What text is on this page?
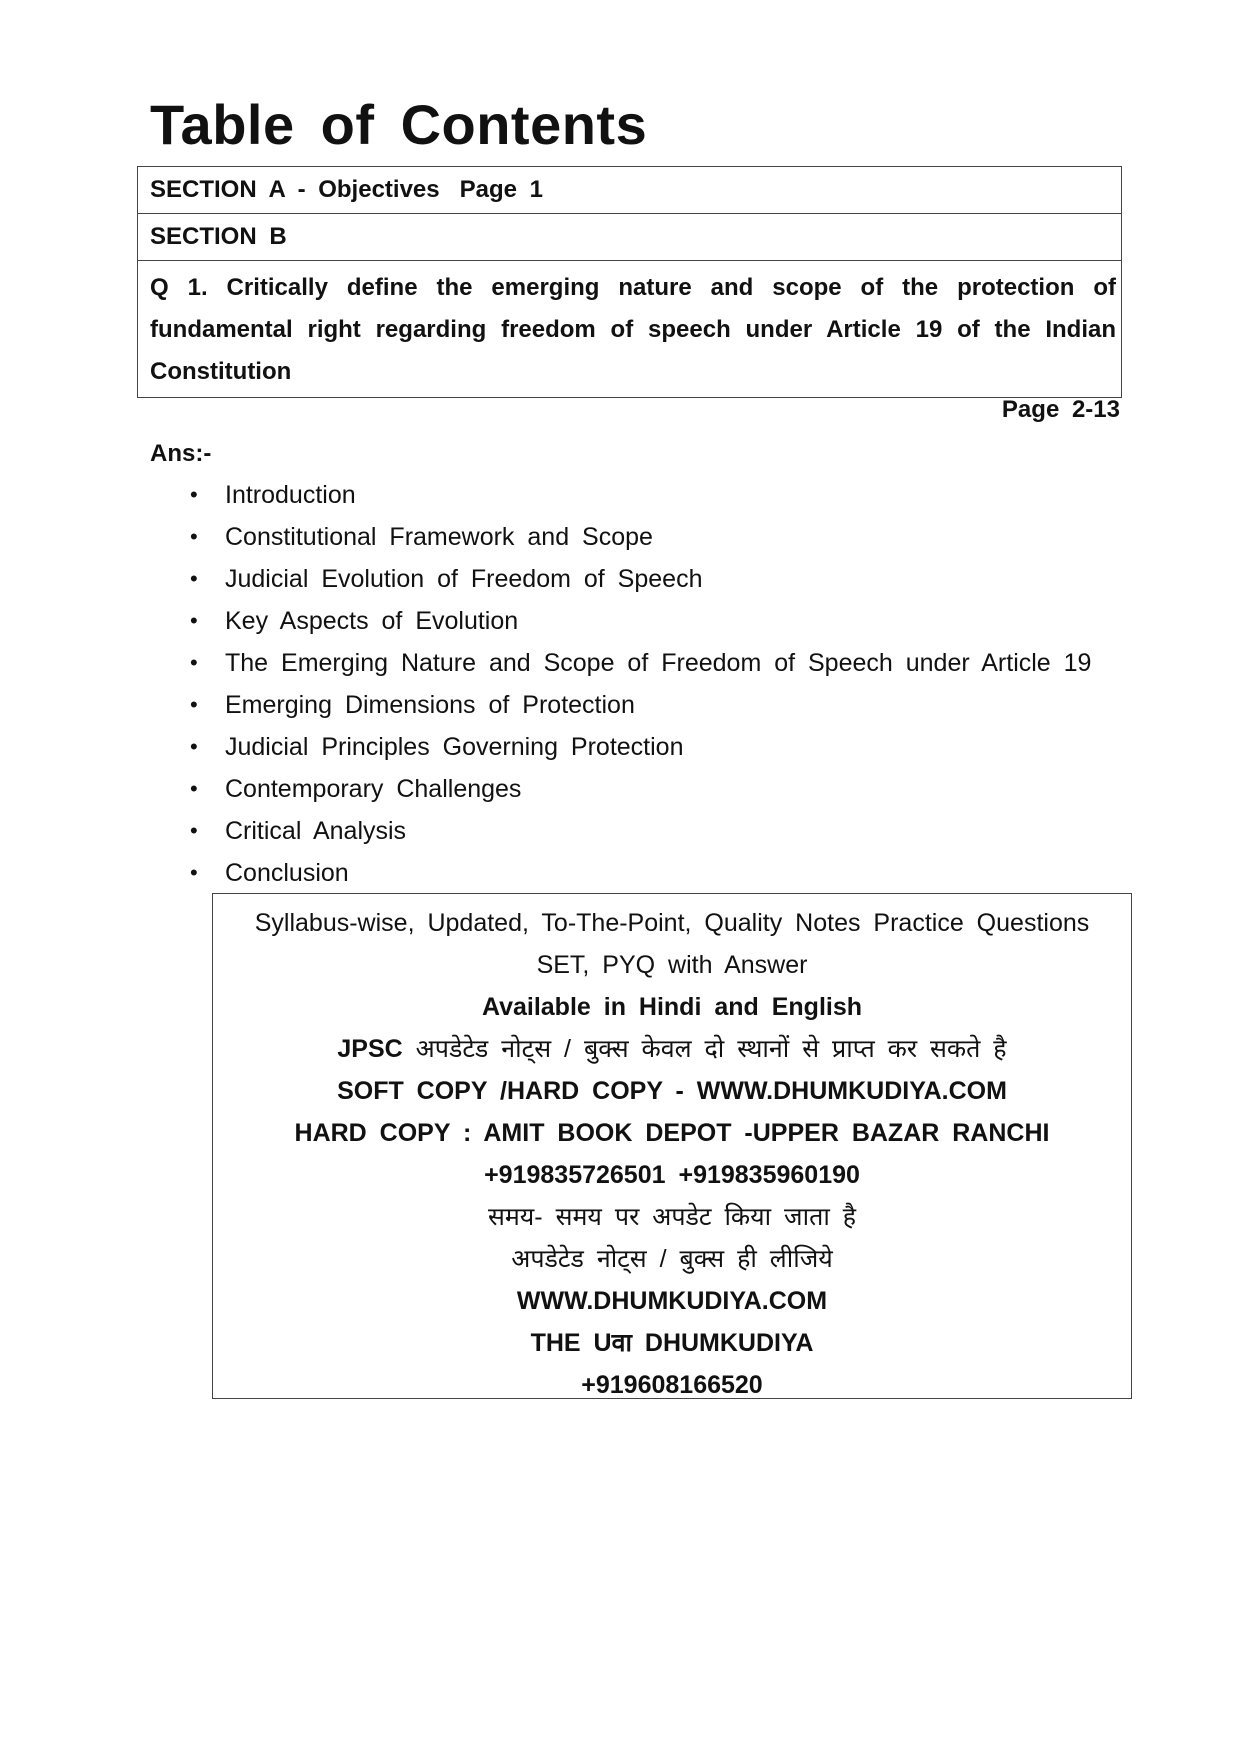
Table of Contents
SECTION A - Objectives Page 1
SECTION B
Q 1. Critically define the emerging nature and scope of the protection of fundamental right regarding freedom of speech under Article 19 of the Indian Constitution
Page 2-13
Ans:-
• Introduction
• Constitutional Framework and Scope
• Judicial Evolution of Freedom of Speech
• Key Aspects of Evolution
• The Emerging Nature and Scope of Freedom of Speech under Article 19
• Emerging Dimensions of Protection
• Judicial Principles Governing Protection
• Contemporary Challenges
• Critical Analysis
• Conclusion
Syllabus-wise, Updated, To-The-Point, Quality Notes Practice Questions
SET, PYQ with Answer
Available in Hindi and English
JPSC अपडेटेड नोट्स / बुक्स केवल दो स्थानों से प्राप्त कर सकते है
SOFT COPY /HARD COPY - WWW.DHUMKUDIYA.COM
HARD COPY : AMIT BOOK DEPOT -UPPER BAZAR RANCHI
+919835726501 +919835960190
समय- समय पर अपडेट किया जाता है
अपडेटेड नोट्स / बुक्स ही लीजिये
WWW.DHUMKUDIYA.COM
THE Uवा DHUMKUDIYA
+919608166520
